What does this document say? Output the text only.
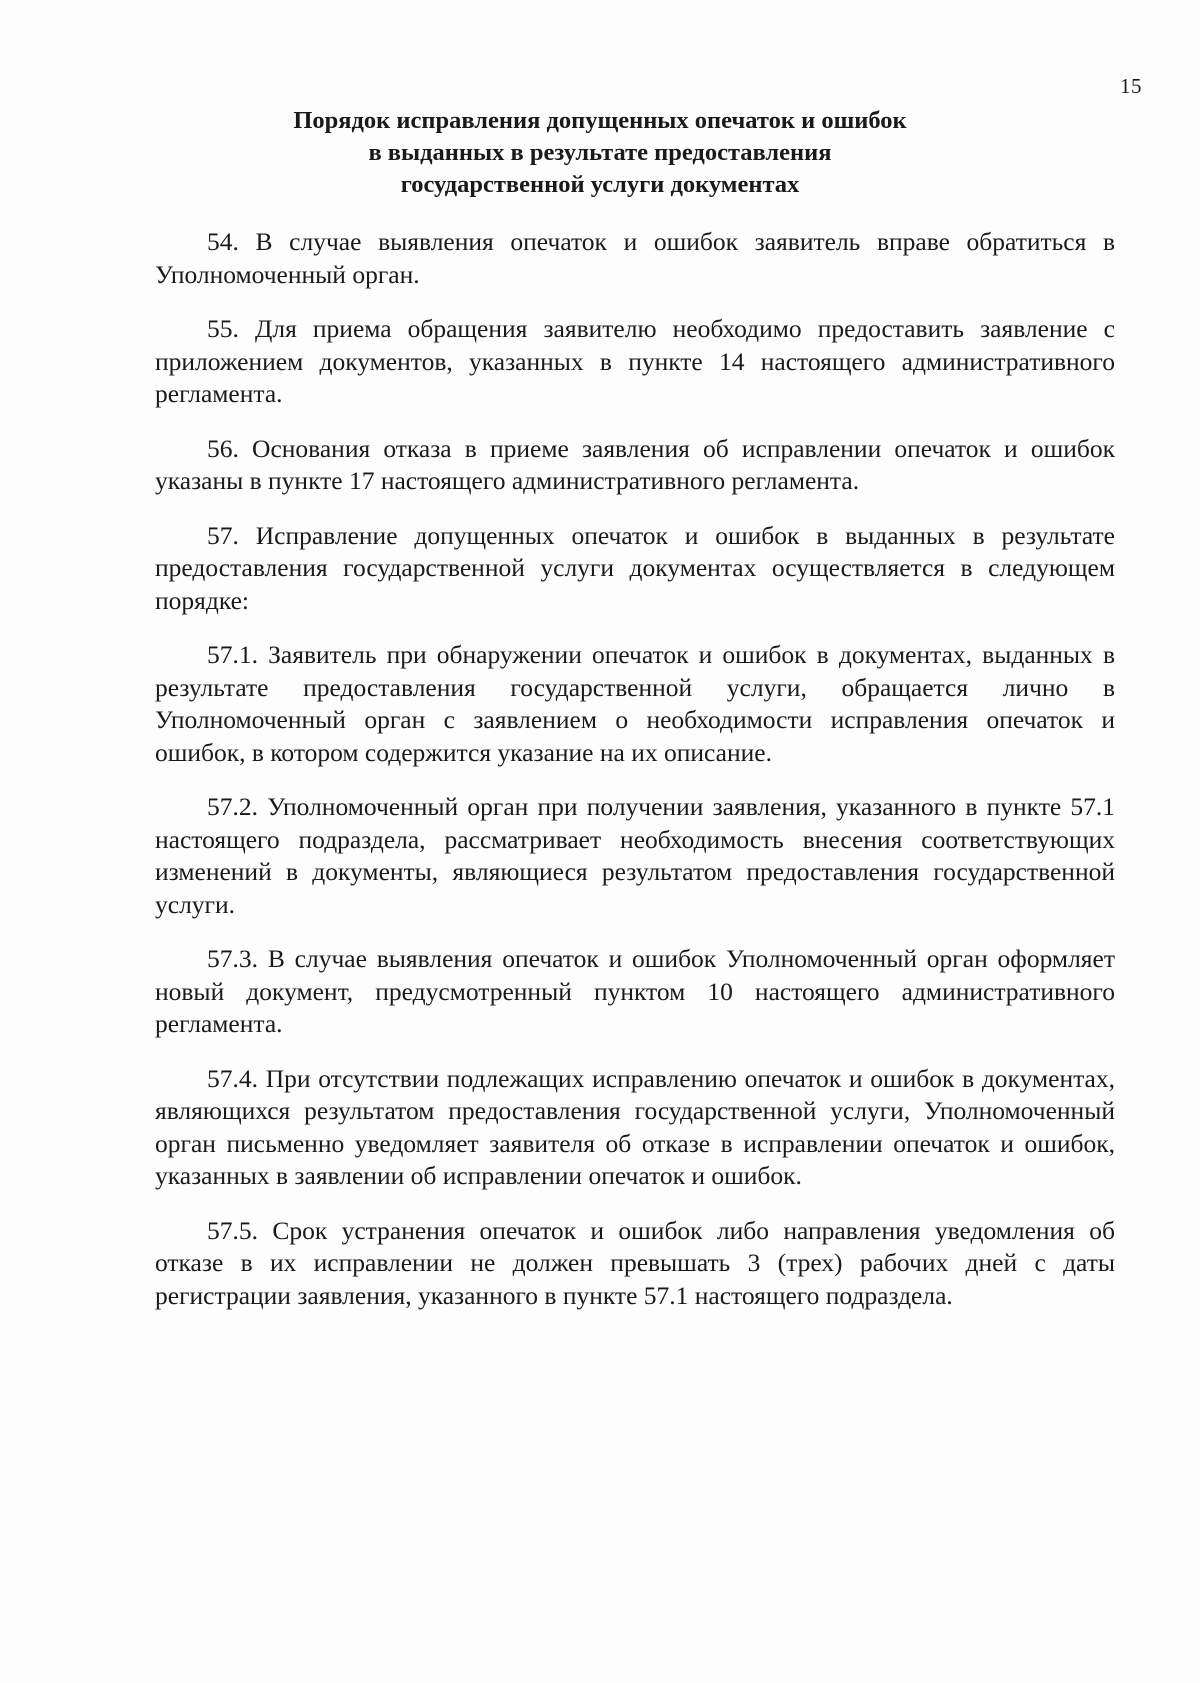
15
Порядок исправления допущенных опечаток и ошибок
в выданных в результате предоставления
государственной услуги документах

54. В случае выявления опечаток и ошибок заявитель вправе обратиться в Уполномоченный орган.

55. Для приема обращения заявителю необходимо предоставить заявление с приложением документов, указанных в пункте 14 настоящего административного регламента.

56. Основания отказа в приеме заявления об исправлении опечаток и ошибок указаны в пункте 17 настоящего административного регламента.

57. Исправление допущенных опечаток и ошибок в выданных в результате предоставления государственной услуги документах осуществляется в следующем порядке:

57.1. Заявитель при обнаружении опечаток и ошибок в документах, выданных в результате предоставления государственной услуги, обращается лично в Уполномоченный орган с заявлением о необходимости исправления опечаток и ошибок, в котором содержится указание на их описание.

57.2. Уполномоченный орган при получении заявления, указанного в пункте 57.1 настоящего подраздела, рассматривает необходимость внесения соответствующих изменений в документы, являющиеся результатом предоставления государственной услуги.

57.3. В случае выявления опечаток и ошибок Уполномоченный орган оформляет новый документ, предусмотренный пунктом 10 настоящего административного регламента.

57.4. При отсутствии подлежащих исправлению опечаток и ошибок в документах, являющихся результатом предоставления государственной услуги, Уполномоченный орган письменно уведомляет заявителя об отказе в исправлении опечаток и ошибок, указанных в заявлении об исправлении опечаток и ошибок.

57.5. Срок устранения опечаток и ошибок либо направления уведомления об отказе в их исправлении не должен превышать 3 (трех) рабочих дней с даты регистрации заявления, указанного в пункте 57.1 настоящего подраздела.
